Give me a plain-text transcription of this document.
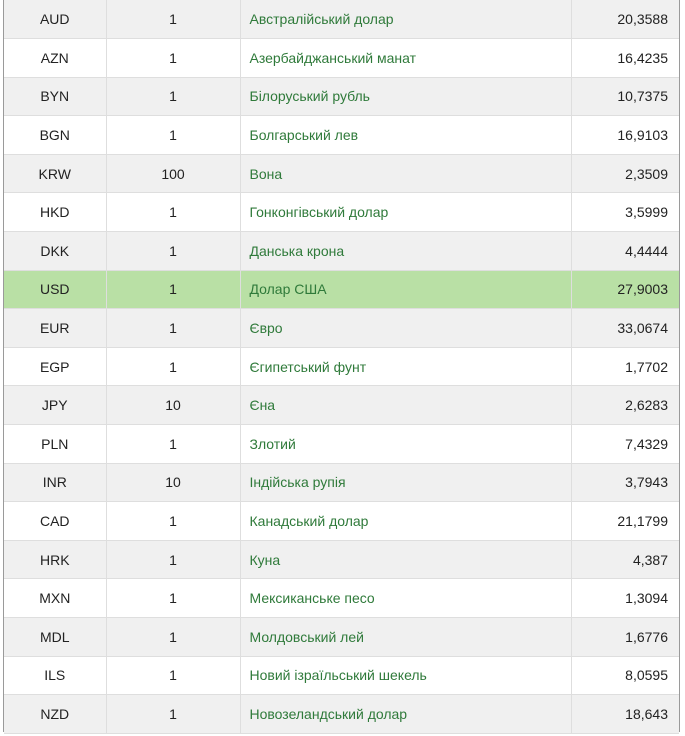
AUD	1	Австралійський долар	20,3588
AZN	1	Азербайджанський манат	16,4235
BYN	1	Білоруський рубль	10,7375
BGN	1	Болгарський лев	16,9103
KRW	100	Вона	2,3509
HKD	1	Гонконгівський долар	3,5999
DKK	1	Данська крона	4,4444
USD	1	Долар США	27,9003
EUR	1	Євро	33,0674
EGP	1	Єгипетський фунт	1,7702
JPY	10	Єна	2,6283
PLN	1	Злотий	7,4329
INR	10	Індійська рупія	3,7943
CAD	1	Канадський долар	21,1799
HRK	1	Куна	4,387
MXN	1	Мексиканське песо	1,3094
MDL	1	Молдовський лей	1,6776
ILS	1	Новий ізраїльський шекель	8,0595
NZD	1	Новозеландський долар	18,643
